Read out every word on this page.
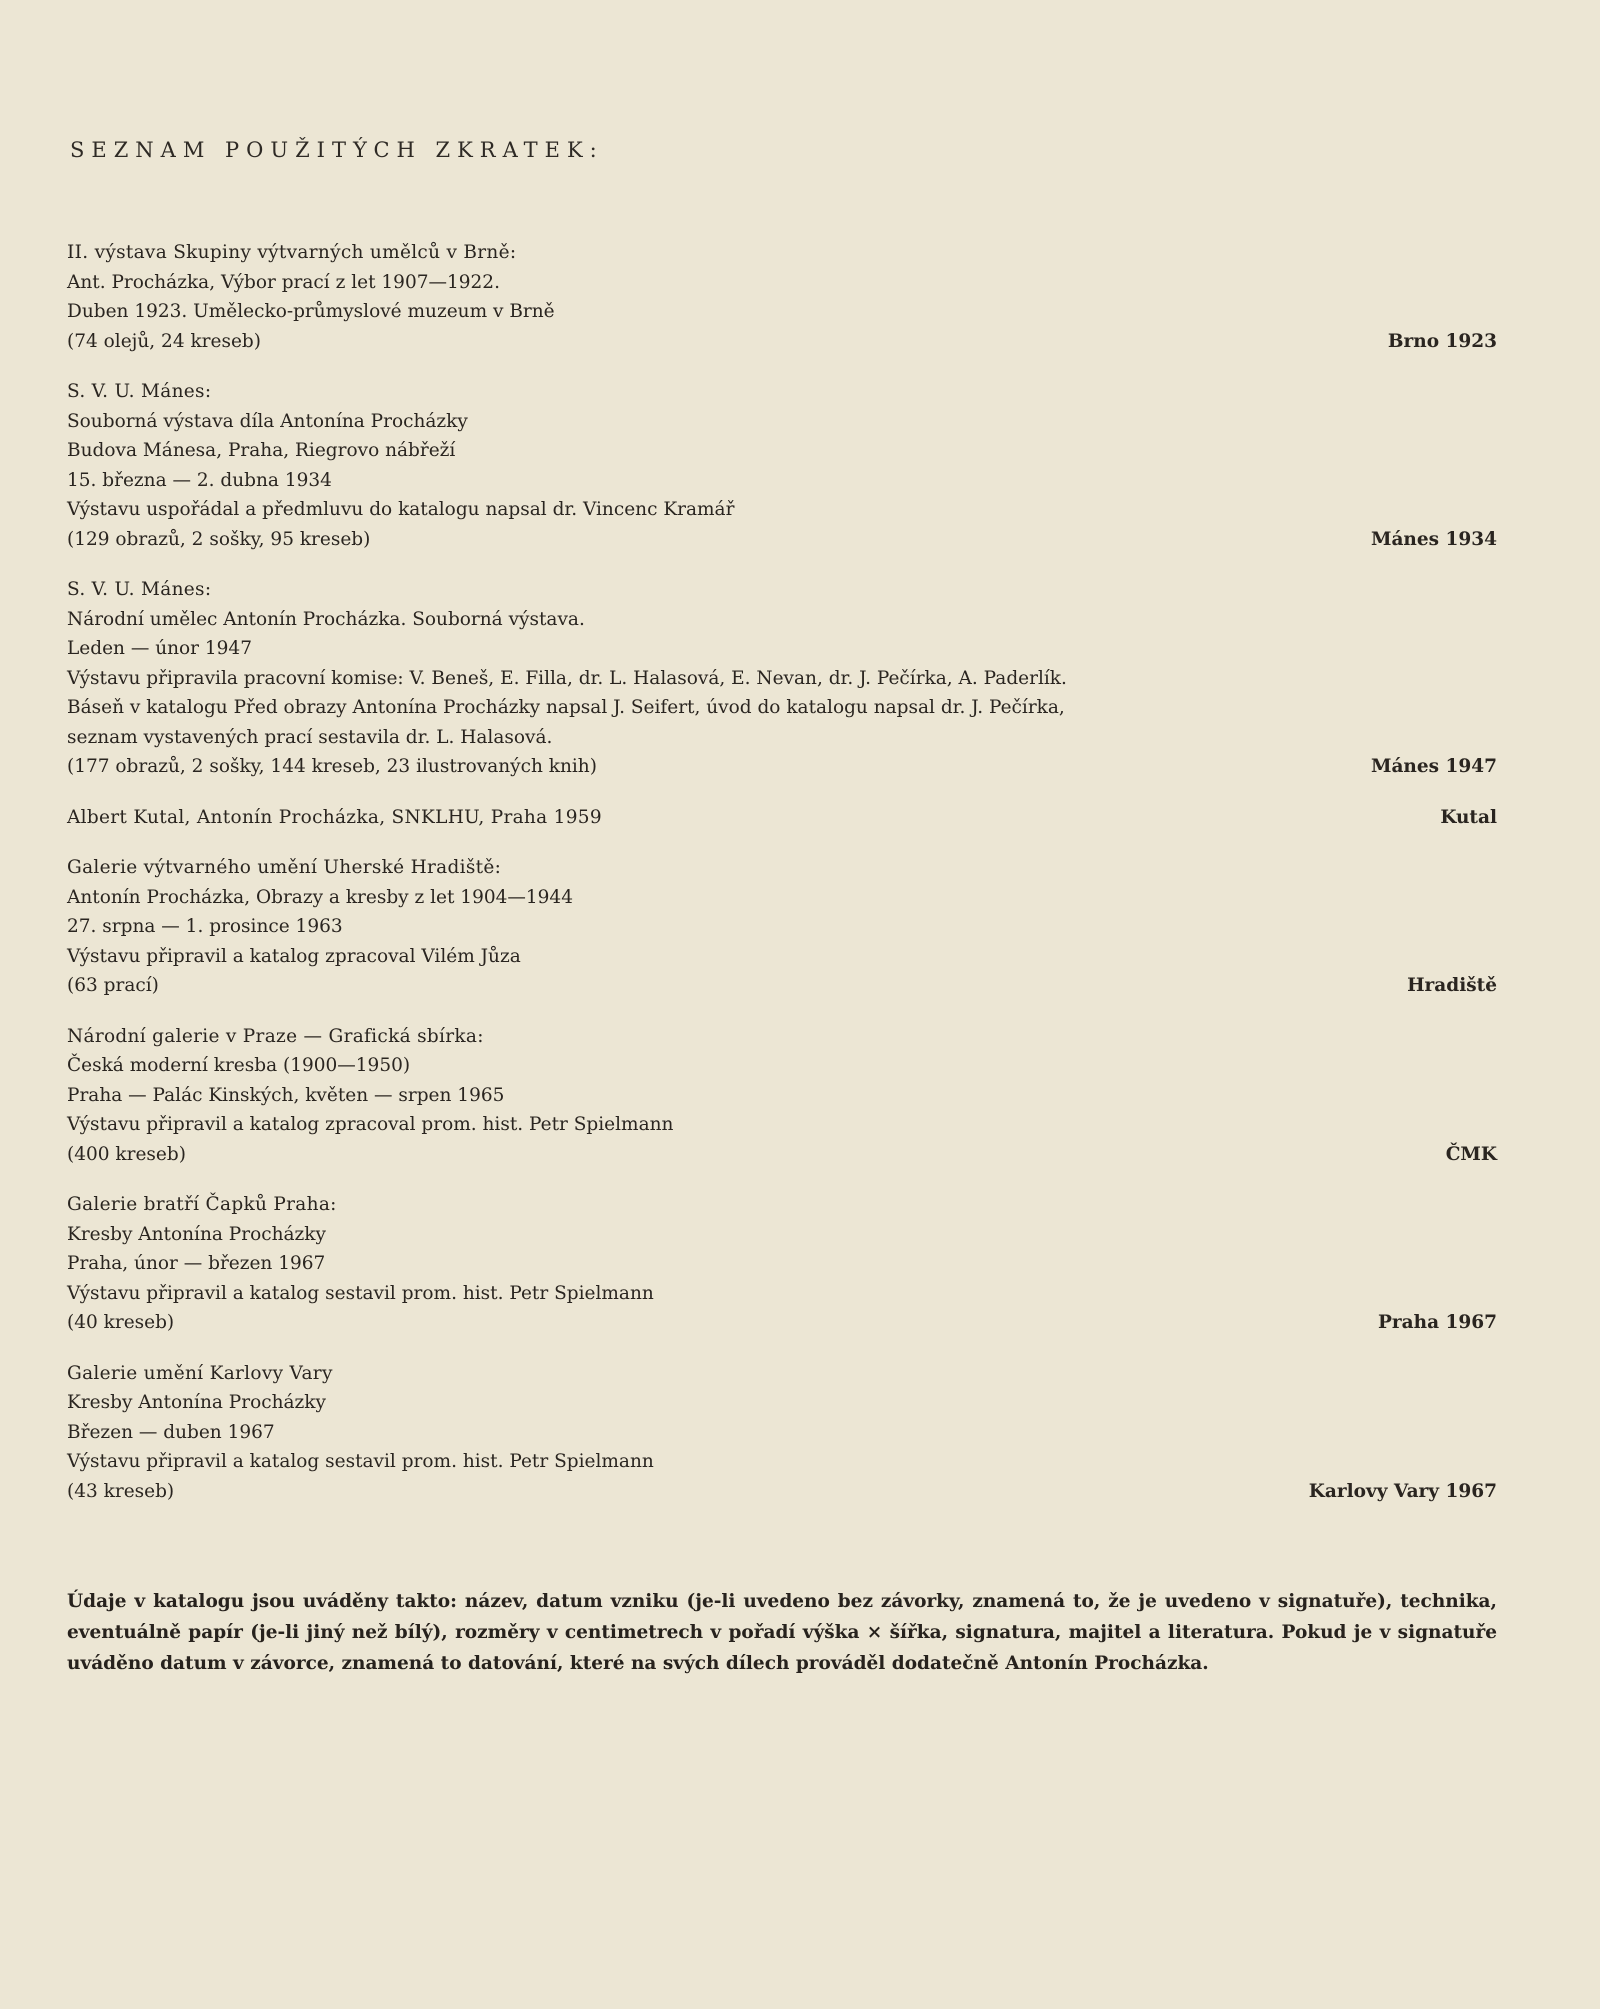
SEZNAM POUŽITÝCH ZKRATEK:
II. výstava Skupiny výtvarných umělců v Brně:
Ant. Procházka, Výbor prací z let 1907—1922.
Duben 1923. Umělecko-průmyslové muzeum v Brně
(74 olejů, 24 kreseb)	Brno 1923
S. V. U. Mánes:
Souborná výstava díla Antonína Procházky
Budova Mánesa, Praha, Riegrovo nábřeží
15. března — 2. dubna 1934
Výstavu uspořádal a předmluvu do katalogu napsal dr. Vincenc Kramář
(129 obrazů, 2 sošky, 95 kreseb)	Mánes 1934
S. V. U. Mánes:
Národní umělec Antonín Procházka. Souborná výstava.
Leden — únor 1947
Výstavu připravila pracovní komise: V. Beneš, E. Filla, dr. L. Halasová, E. Nevan, dr. J. Pečírka, A. Paderlík.
Báseň v katalogu Před obrazy Antonína Procházky napsal J. Seifert, úvod do katalogu napsal dr. J. Pečírka,
seznam vystavených prací sestavila dr. L. Halasová.
(177 obrazů, 2 sošky, 144 kreseb, 23 ilustrovaných knih)	Mánes 1947
Albert Kutal, Antonín Procházka, SNKLHU, Praha 1959	Kutal
Galerie výtvarného umění Uherské Hradiště:
Antonín Procházka, Obrazy a kresby z let 1904—1944
27. srpna — 1. prosince 1963
Výstavu připravil a katalog zpracoval Vilém Jůza
(63 prací)	Hradiště
Národní galerie v Praze — Grafická sbírka:
Česká moderní kresba (1900—1950)
Praha — Palác Kinských, květen — srpen 1965
Výstavu připravil a katalog zpracoval prom. hist. Petr Spielmann
(400 kreseb)	ČMK
Galerie bratří Čapků Praha:
Kresby Antonína Procházky
Praha, únor — březen 1967
Výstavu připravil a katalog sestavil prom. hist. Petr Spielmann
(40 kreseb)	Praha 1967
Galerie umění Karlovy Vary
Kresby Antonína Procházky
Březen — duben 1967
Výstavu připravil a katalog sestavil prom. hist. Petr Spielmann
(43 kreseb)	Karlovy Vary 1967
Údaje v katalogu jsou uváděny takto: název, datum vzniku (je-li uvedeno bez závorky, znamená to, že je uvedeno v signatuře), technika, eventuálně papír (je-li jiný než bílý), rozměry v centimetrech v pořadí výška × šířka, signatura, majitel a literatura. Pokud je v signatuře uváděno datum v závorce, znamená to datování, které na svých dílech prováděl dodatečně Antonín Procházka.
